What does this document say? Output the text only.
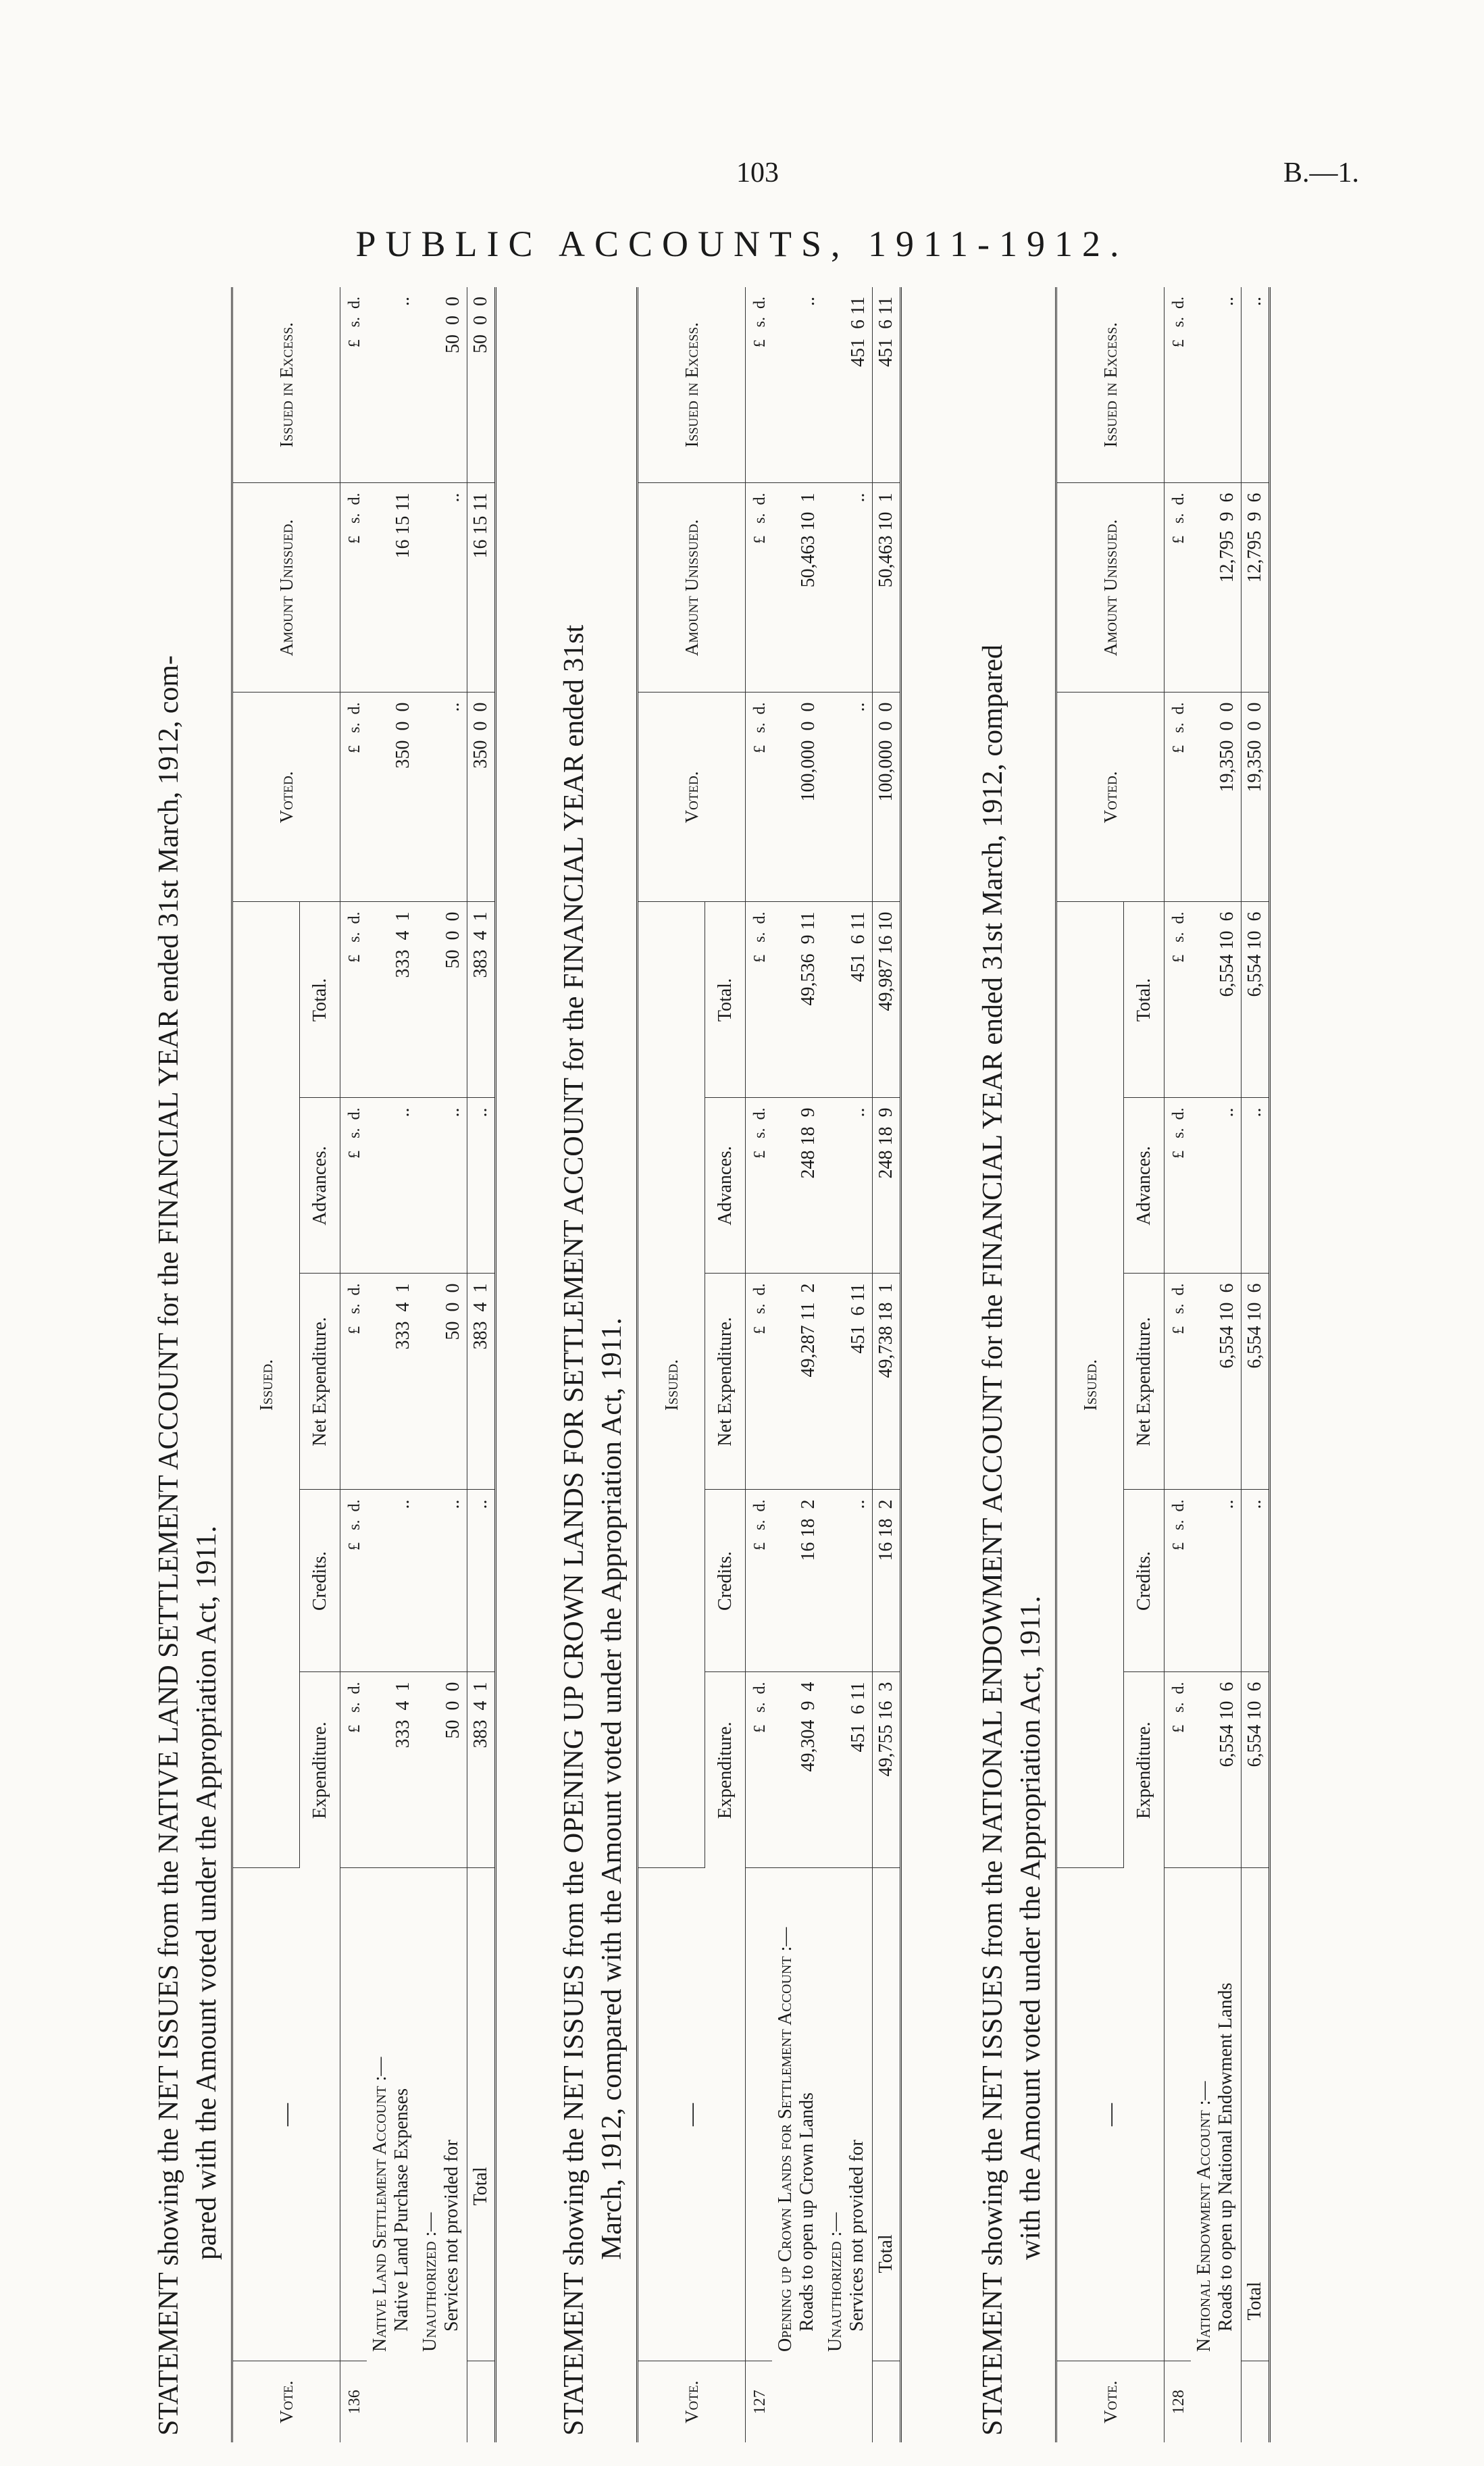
103	B.—1.
PUBLIC ACCOUNTS, 1911-1912.
STATEMENT showing the NET ISSUES from the NATIVE LAND SETTLEMENT ACCOUNT for the FINANCIAL YEAR ended 31st March, 1912, com- pared with the Amount voted under the Appropriation Act, 1911.
Vote.	—	Issued.					Voted.	Amount Unissued.	Issued in Excess.
		Expenditure.	Credits.	Net Expenditure.	Advances.	Total.			
136		£   s.  d.	£   s.  d.	£   s.  d.	£   s.  d.	£   s.  d.	£   s.  d.	£   s.  d.	£   s.  d.
	Native Land Settlement Account :— Native Land Purchase Expenses	333  4  1	..	333  4  1	..	333  4  1	350  0  0	16 15 11	..
	Unauthorized :— Services not provided for	50  0  0	..	50  0  0	..	50  0  0	..	..	50  0  0
	Total	383  4  1	..	383  4  1	..	383  4  1	350  0  0	16 15 11	50  0  0
STATEMENT showing the NET ISSUES from the OPENING UP CROWN LANDS FOR SETTLEMENT ACCOUNT for the FINANCIAL YEAR ended 31st March, 1912, compared with the Amount voted under the Appropriation Act, 1911.
Vote.	—	Issued.					Voted.	Amount Unissued.	Issued in Excess.
		Expenditure.	Credits.	Net Expenditure.	Advances.	Total.			
127		£   s.  d.	£   s.  d.	£   s.  d.	£   s.  d.	£   s.  d.	£   s.  d.	£   s.  d.	£   s.  d.
	Opening up Crown Lands for Settlement Account :— Roads to open up Crown Lands	49,304  9  4	16 18  2	49,287 11  2	248 18  9	49,536  9 11	100,000  0  0	50,463 10  1	..
	Unauthorized :— Services not provided for	451  6 11	..	451  6 11	..	451  6 11	..	..	451  6 11
	Total	49,755 16  3	16 18  2	49,738 18  1	248 18  9	49,987 16 10	100,000  0  0	50,463 10  1	451  6 11
STATEMENT showing the NET ISSUES from the NATIONAL ENDOWMENT ACCOUNT for the FINANCIAL YEAR ended 31st March, 1912, compared with the Amount voted under the Appropriation Act, 1911.
Vote.	—	Issued.					Voted.	Amount Unissued.	Issued in Excess.
		Expenditure.	Credits.	Net Expenditure.	Advances.	Total.			
128		£   s.  d.	£   s.  d.	£   s.  d.	£   s.  d.	£   s.  d.	£   s.  d.	£   s.  d.	£   s.  d.
	National Endowment Account :— Roads to open up National Endowment Lands	6,554 10  6	..	6,554 10  6	..	6,554 10  6	19,350  0  0	12,795  9  6	..
	Total	6,554 10  6	..	6,554 10  6	..	6,554 10  6	19,350  0  0	12,795  9  6	..
